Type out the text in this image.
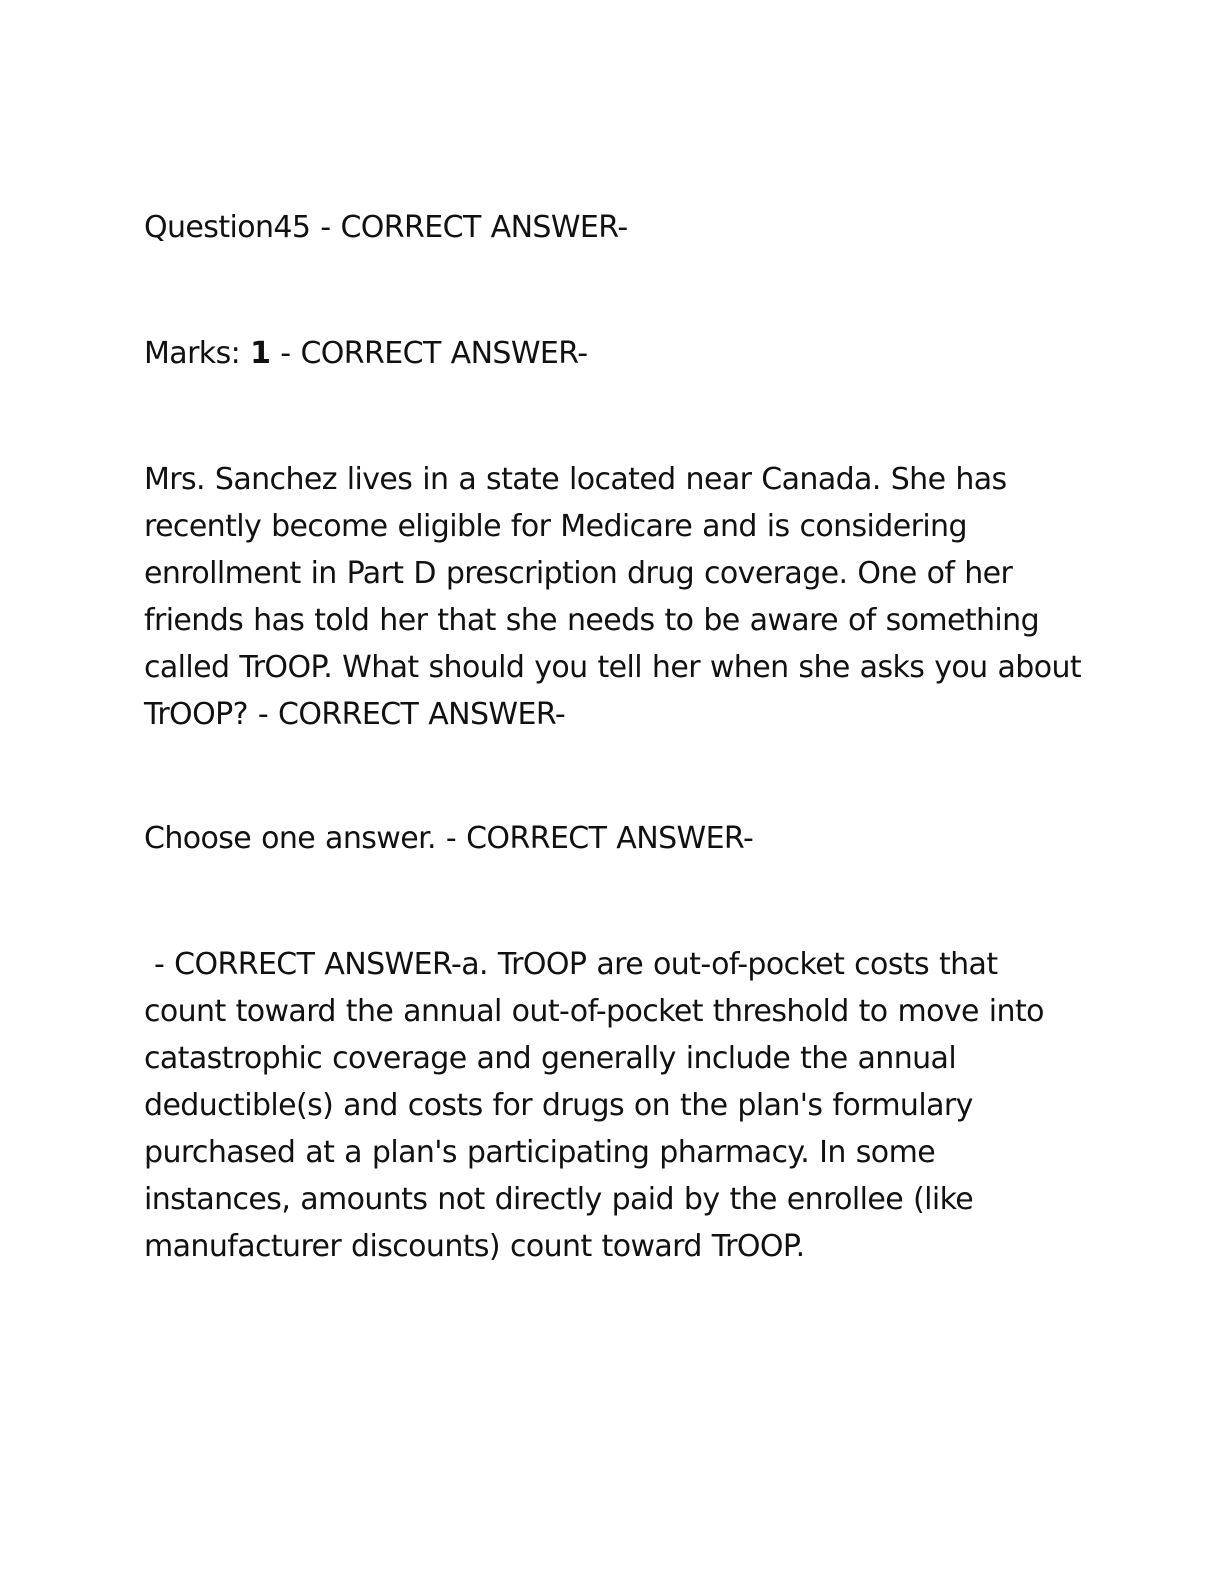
Question45 - CORRECT ANSWER-

Marks: 1 - CORRECT ANSWER-

Mrs. Sanchez lives in a state located near Canada. She has recently become eligible for Medicare and is considering enrollment in Part D prescription drug coverage. One of her friends has told her that she needs to be aware of something called TrOOP. What should you tell her when she asks you about TrOOP? - CORRECT ANSWER-

Choose one answer. - CORRECT ANSWER-

- CORRECT ANSWER-a. TrOOP are out-of-pocket costs that count toward the annual out-of-pocket threshold to move into catastrophic coverage and generally include the annual deductible(s) and costs for drugs on the plan's formulary purchased at a plan's participating pharmacy. In some instances, amounts not directly paid by the enrollee (like manufacturer discounts) count toward TrOOP.
